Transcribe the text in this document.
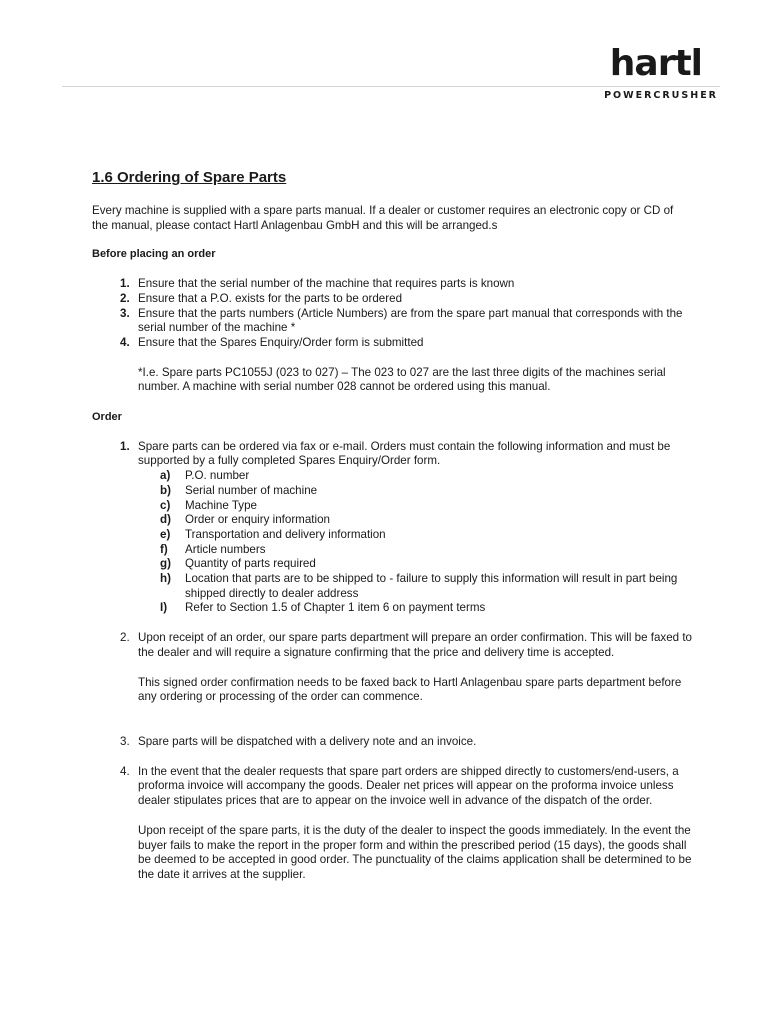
hartl
POWERCRUSHER
1.6 Ordering of Spare Parts

Every machine is supplied with a spare parts manual. If a dealer or customer requires an electronic copy or CD of the manual, please contact Hartl Anlagenbau GmbH and this will be arranged.s

Before placing an order
1. Ensure that the serial number of the machine that requires parts is known
2. Ensure that a P.O. exists for the parts to be ordered
3. Ensure that the parts numbers (Article Numbers) are from the spare part manual that corresponds with the serial number of the machine *
4. Ensure that the Spares Enquiry/Order form is submitted

*I.e. Spare parts PC1055J (023 to 027) – The 023 to 027 are the last three digits of the machines serial number. A machine with serial number 028 cannot be ordered using this manual.

Order
1. Spare parts can be ordered via fax or e-mail. Orders must contain the following information and must be supported by a fully completed Spares Enquiry/Order form.
a)	P.O. number
b)	Serial number of machine
c)	Machine Type
d)	Order or enquiry information
e)	Transportation and delivery information
f)	Article numbers
g)	Quantity of parts required
h)	Location that parts are to be shipped to - failure to supply this information will result in part being shipped directly to dealer address
I)	Refer to Section 1.5 of Chapter 1 item 6 on payment terms
2. Upon receipt of an order, our spare parts department will prepare an order confirmation. This will be faxed to the dealer and will require a signature confirming that the price and delivery time is accepted.
This signed order confirmation needs to be faxed back to Hartl Anlagenbau spare parts department before any ordering or processing of the order can commence.
3. Spare parts will be dispatched with a delivery note and an invoice.
4. In the event that the dealer requests that spare part orders are shipped directly to customers/end-users, a proforma invoice will accompany the goods. Dealer net prices will appear on the proforma invoice unless dealer stipulates prices that are to appear on the invoice well in advance of the dispatch of the order.
Upon receipt of the spare parts, it is the duty of the dealer to inspect the goods immediately. In the event the buyer fails to make the report in the proper form and within the prescribed period (15 days), the goods shall be deemed to be accepted in good order. The punctuality of the claims application shall be determined to be the date it arrives at the supplier.
